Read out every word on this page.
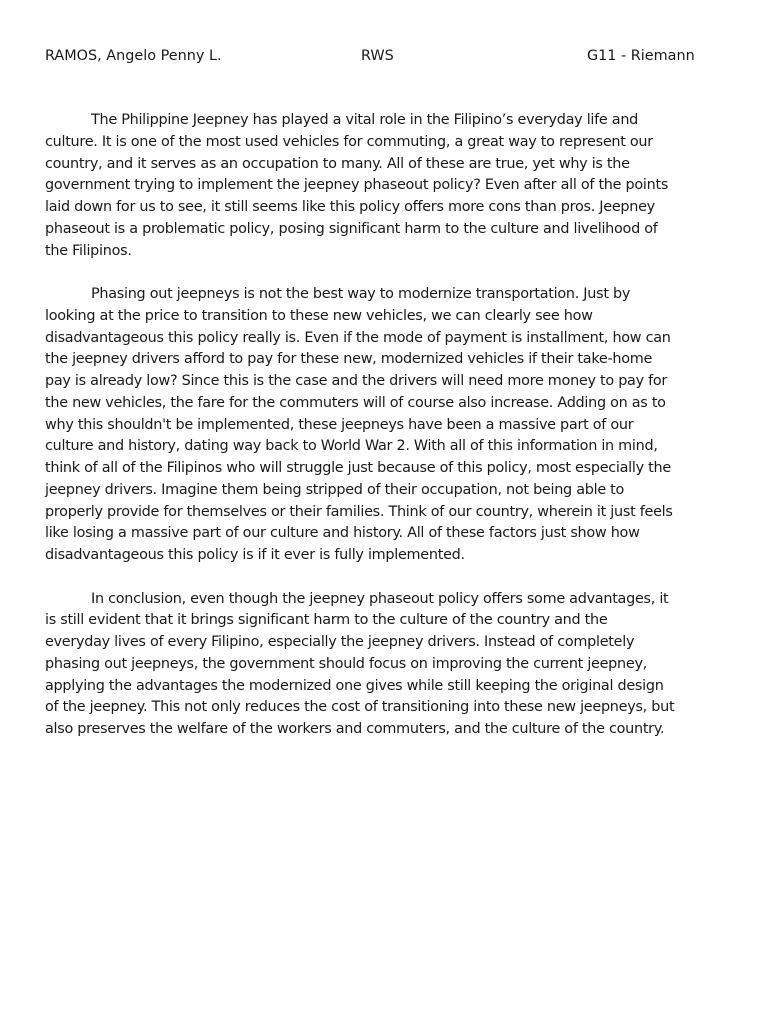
RAMOS, Angelo Penny L.	RWS	G11 - Riemann
The Philippine Jeepney has played a vital role in the Filipino’s everyday life and
culture. It is one of the most used vehicles for commuting, a great way to represent our
country, and it serves as an occupation to many. All of these are true, yet why is the
government trying to implement the jeepney phaseout policy? Even after all of the points
laid down for us to see, it still seems like this policy offers more cons than pros. Jeepney
phaseout is a problematic policy, posing significant harm to the culture and livelihood of
the Filipinos.
Phasing out jeepneys is not the best way to modernize transportation. Just by
looking at the price to transition to these new vehicles, we can clearly see how
disadvantageous this policy really is. Even if the mode of payment is installment, how can
the jeepney drivers afford to pay for these new, modernized vehicles if their take-home
pay is already low? Since this is the case and the drivers will need more money to pay for
the new vehicles, the fare for the commuters will of course also increase. Adding on as to
why this shouldn't be implemented, these jeepneys have been a massive part of our
culture and history, dating way back to World War 2. With all of this information in mind,
think of all of the Filipinos who will struggle just because of this policy, most especially the
jeepney drivers. Imagine them being stripped of their occupation, not being able to
properly provide for themselves or their families. Think of our country, wherein it just feels
like losing a massive part of our culture and history. All of these factors just show how
disadvantageous this policy is if it ever is fully implemented.
In conclusion, even though the jeepney phaseout policy offers some advantages, it
is still evident that it brings significant harm to the culture of the country and the
everyday lives of every Filipino, especially the jeepney drivers. Instead of completely
phasing out jeepneys, the government should focus on improving the current jeepney,
applying the advantages the modernized one gives while still keeping the original design
of the jeepney. This not only reduces the cost of transitioning into these new jeepneys, but
also preserves the welfare of the workers and commuters, and the culture of the country.
